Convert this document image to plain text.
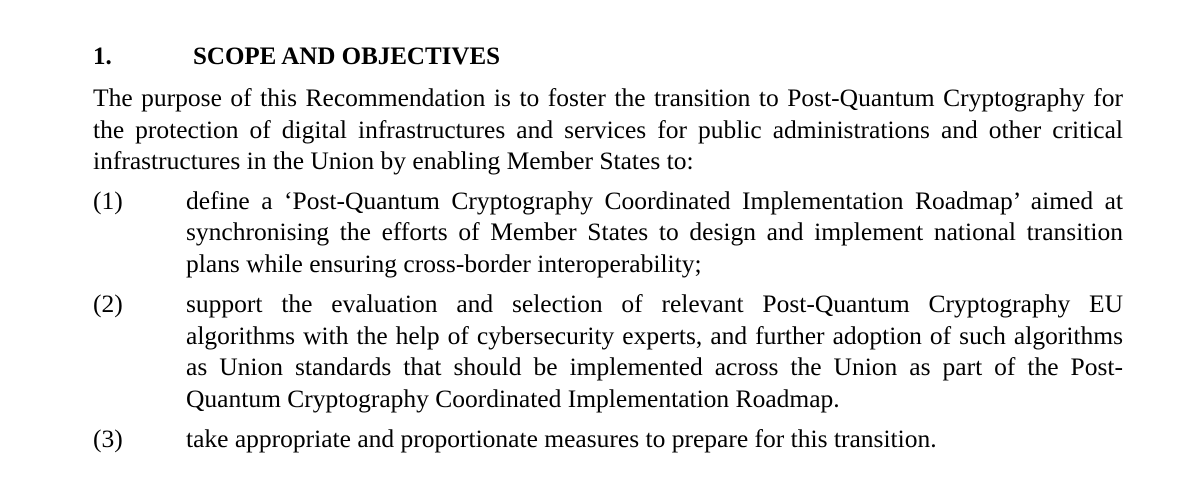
1.	SCOPE AND OBJECTIVES

The purpose of this Recommendation is to foster the transition to Post-Quantum Cryptography for the protection of digital infrastructures and services for public administrations and other critical infrastructures in the Union by enabling Member States to:

(1)	define a ‘Post-Quantum Cryptography Coordinated Implementation Roadmap’ aimed at synchronising the efforts of Member States to design and implement national transition plans while ensuring cross-border interoperability;
(2)	support the evaluation and selection of relevant Post-Quantum Cryptography EU algorithms with the help of cybersecurity experts, and further adoption of such algorithms as Union standards that should be implemented across the Union as part of the Post-Quantum Cryptography Coordinated Implementation Roadmap.
(3)	take appropriate and proportionate measures to prepare for this transition.
